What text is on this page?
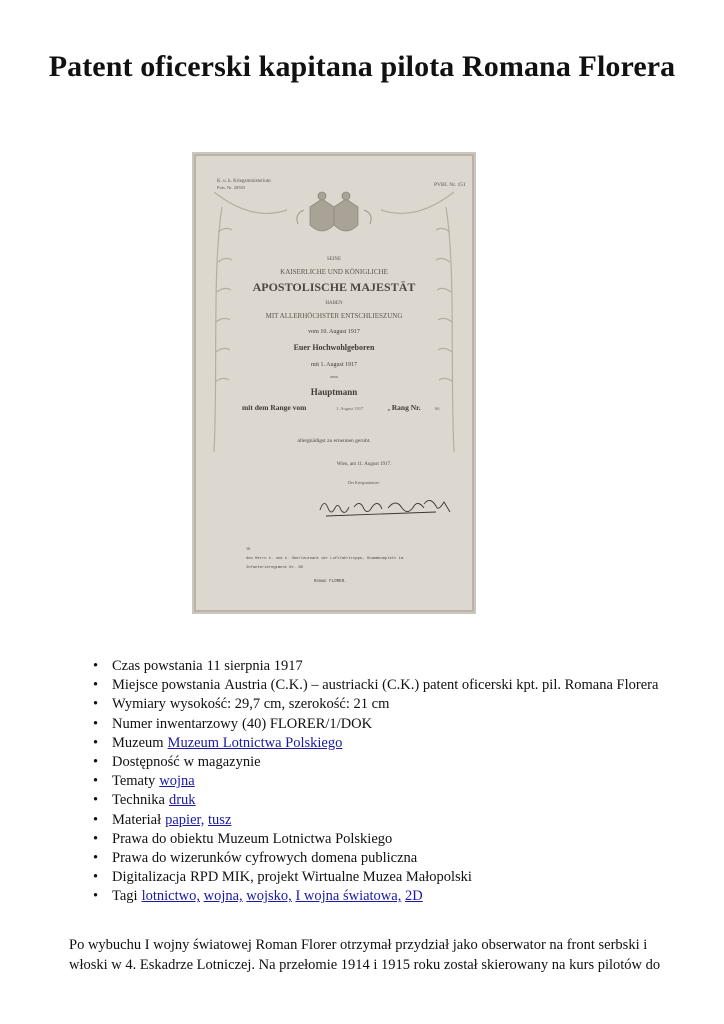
Patent oficerski kapitana pilota Romana Florera
K. u. k. Kriegsministerium
Präs. Nr. 20583	PVBI. Nr. 151
SEINE
KAISERLICHE UND KÖNIGLICHE
APOSTOLISCHE MAJESTÄT
HABEN
MIT ALLERHÖCHSTER ENTSCHLIESZUNG
vom 10. August 1917
Euer Hochwohlgeboren
mit 1. August 1917
zum
Hauptmann
mit dem Range vom	1. August 1917	, Rang Nr.	66
allergnädigst zu ernennen geruht.
Wien, am 11. August 1917.
Der Kriegsminister:
16
den Herrn k. und k. Oberleutnant der Luftfahrtruppe, Stammkomplett im
Infanterieregiment Nr. 60
Roman FLORER.
• Czas powstania 11 sierpnia 1917
• Miejsce powstania Austria (C.K.) – austriacki (C.K.) patent oficerski kpt. pil. Romana Florera
• Wymiary wysokość: 29,7 cm, szerokość: 21 cm
• Numer inwentarzowy (40) FLORER/1/DOK
• Muzeum Muzeum Lotnictwa Polskiego
• Dostępność w magazynie
• Tematy wojna
• Technika druk
• Materiał papier, tusz
• Prawa do obiektu Muzeum Lotnictwa Polskiego
• Prawa do wizerunków cyfrowych domena publiczna
• Digitalizacja RPD MIK, projekt Wirtualne Muzea Małopolski
• Tagi lotnictwo, wojna, wojsko, I wojna światowa, 2D

Po wybuchu I wojny światowej Roman Florer otrzymał przydział jako obserwator na front serbski i włoski w 4. Eskadrze Lotniczej. Na przełomie 1914 i 1915 roku został skierowany na kurs pilotów do
